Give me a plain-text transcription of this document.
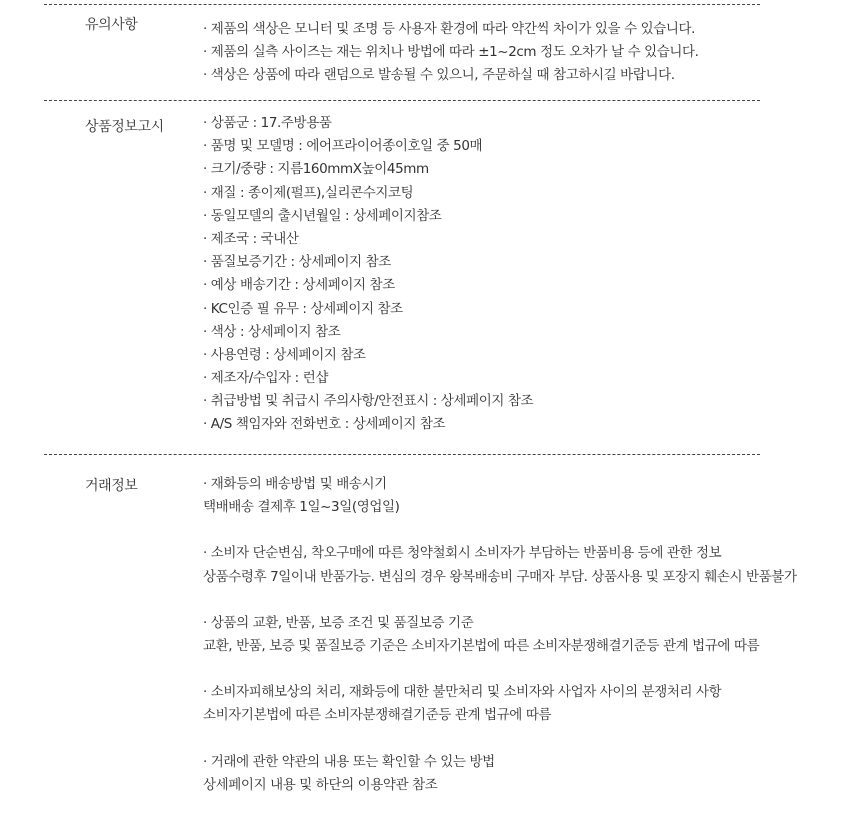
유의사항	· 제품의 색상은 모니터 및 조명 등 사용자 환경에 따라 약간씩 차이가 있을 수 있습니다.
· 제품의 실측 사이즈는 재는 위치나 방법에 따라 ±1~2cm 정도 오차가 날 수 있습니다.
· 색상은 상품에 따라 랜덤으로 발송될 수 있으니, 주문하실 때 참고하시길 바랍니다.
상품정보고시	· 상품군 : 17.주방용품
· 품명 및 모델명 : 에어프라이어종이호일 중 50매
· 크기/중량 : 지름160mmX높이45mm
· 재질 : 종이제(펄프),실리콘수지코팅
· 동일모델의 출시년월일 : 상세페이지참조
· 제조국 : 국내산
· 품질보증기간 : 상세페이지 참조
· 예상 배송기간 : 상세페이지 참조
· KC인증 필 유무 : 상세페이지 참조
· 색상 : 상세페이지 참조
· 사용연령 : 상세페이지 참조
· 제조자/수입자 : 런샵
· 취급방법 및 취급시 주의사항/안전표시 : 상세페이지 참조
· A/S 책임자와 전화번호 : 상세페이지 참조
거래정보	· 재화등의 배송방법 및 배송시기
택배배송 결제후 1일~3일(영업일)
· 소비자 단순변심, 착오구매에 따른 청약철회시 소비자가 부담하는 반품비용 등에 관한 정보
상품수령후 7일이내 반품가능. 변심의 경우 왕복배송비 구매자 부담. 상품사용 및 포장지 훼손시 반품불가
· 상품의 교환, 반품, 보증 조건 및 품질보증 기준
교환, 반품, 보증 및 품질보증 기준은 소비자기본법에 따른 소비자분쟁해결기준등 관계 법규에 따름
· 소비자피해보상의 처리, 재화등에 대한 불만처리 및 소비자와 사업자 사이의 분쟁처리 사항
소비자기본법에 따른 소비자분쟁해결기준등 관계 법규에 따름
· 거래에 관한 약관의 내용 또는 확인할 수 있는 방법
상세페이지 내용 및 하단의 이용약관 참조
